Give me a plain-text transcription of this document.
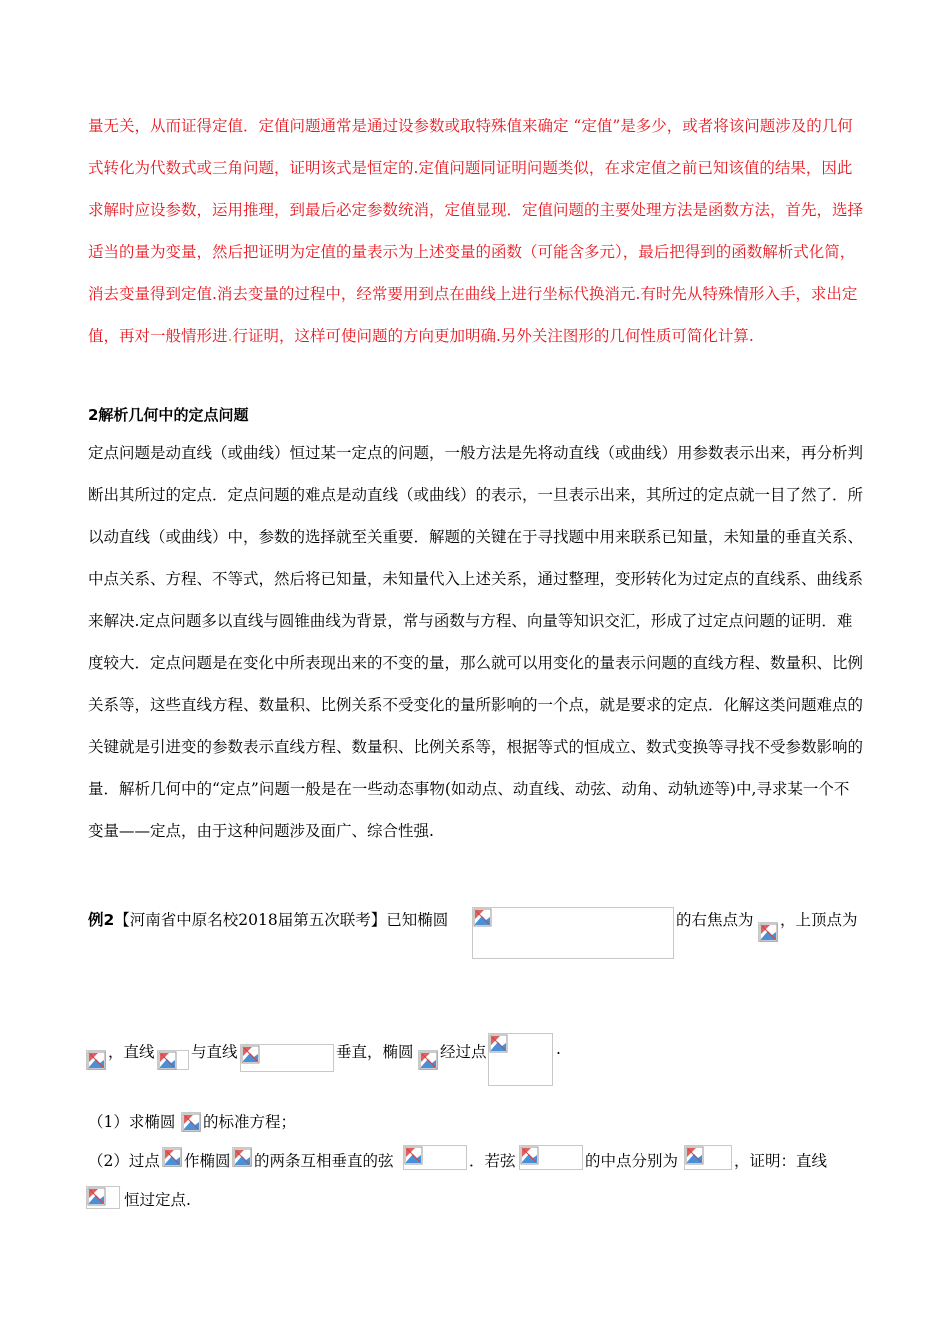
量无关，从而证得定值．定值问题通常是通过设参数或取特殊值来确定 “定值”是多少，或者将该问题涉及的几何式转化为代数式或三角问题，证明该式是恒定的.定值问题同证明问题类似，在求定值之前已知该值的结果，因此求解时应设参数，运用推理，到最后必定参数统消，定值显现．定值问题的主要处理方法是函数方法，首先，选择适当的量为变量，然后把证明为定值的量表示为上述变量的函数（可能含多元），最后把得到的函数解析式化简，消去变量得到定值.消去变量的过程中，经常要用到点在曲线上进行坐标代换消元.有时先从特殊情形入手，求出定值，再对一般情形进.行证明，这样可使问题的方向更加明确.另外关注图形的几何性质可简化计算.

2解析几何中的定点问题

定点问题是动直线（或曲线）恒过某一定点的问题，一般方法是先将动直线（或曲线）用参数表示出来，再分析判断出其所过的定点．定点问题的难点是动直线（或曲线）的表示，一旦表示出来，其所过的定点就一目了然了．所以动直线（或曲线）中，参数的选择就至关重要．解题的关键在于寻找题中用来联系已知量，未知量的垂直关系、中点关系、方程、不等式，然后将已知量，未知量代入上述关系，通过整理，变形转化为过定点的直线系、曲线系来解决.定点问题多以直线与圆锥曲线为背景，常与函数与方程、向量等知识交汇，形成了过定点问题的证明．难度较大．定点问题是在变化中所表现出来的不变的量，那么就可以用变化的量表示问题的直线方程、数量积、比例关系等，这些直线方程、数量积、比例关系不受变化的量所影响的一个点，就是要求的定点．化解这类问题难点的关键就是引进变的参数表示直线方程、数量积、比例关系等，根据等式的恒成立、数式变换等寻找不受参数影响的量．解析几何中的“定点”问题一般是在一些动态事物(如动点、动直线、动弦、动角、动轨迹等)中,寻求某一个不变量——定点，由于这种问题涉及面广、综合性强.

例2【河南省中原名校2018届第五次联考】已知椭圆	的右焦点为 ，上顶点为
，直线 与直线	垂直，椭圆 经过点	.
（1）求椭圆 的标准方程；
（2）过点 作椭圆 的两条互相垂直的弦	．若弦	的中点分别为	，证明：直线
恒过定点.
